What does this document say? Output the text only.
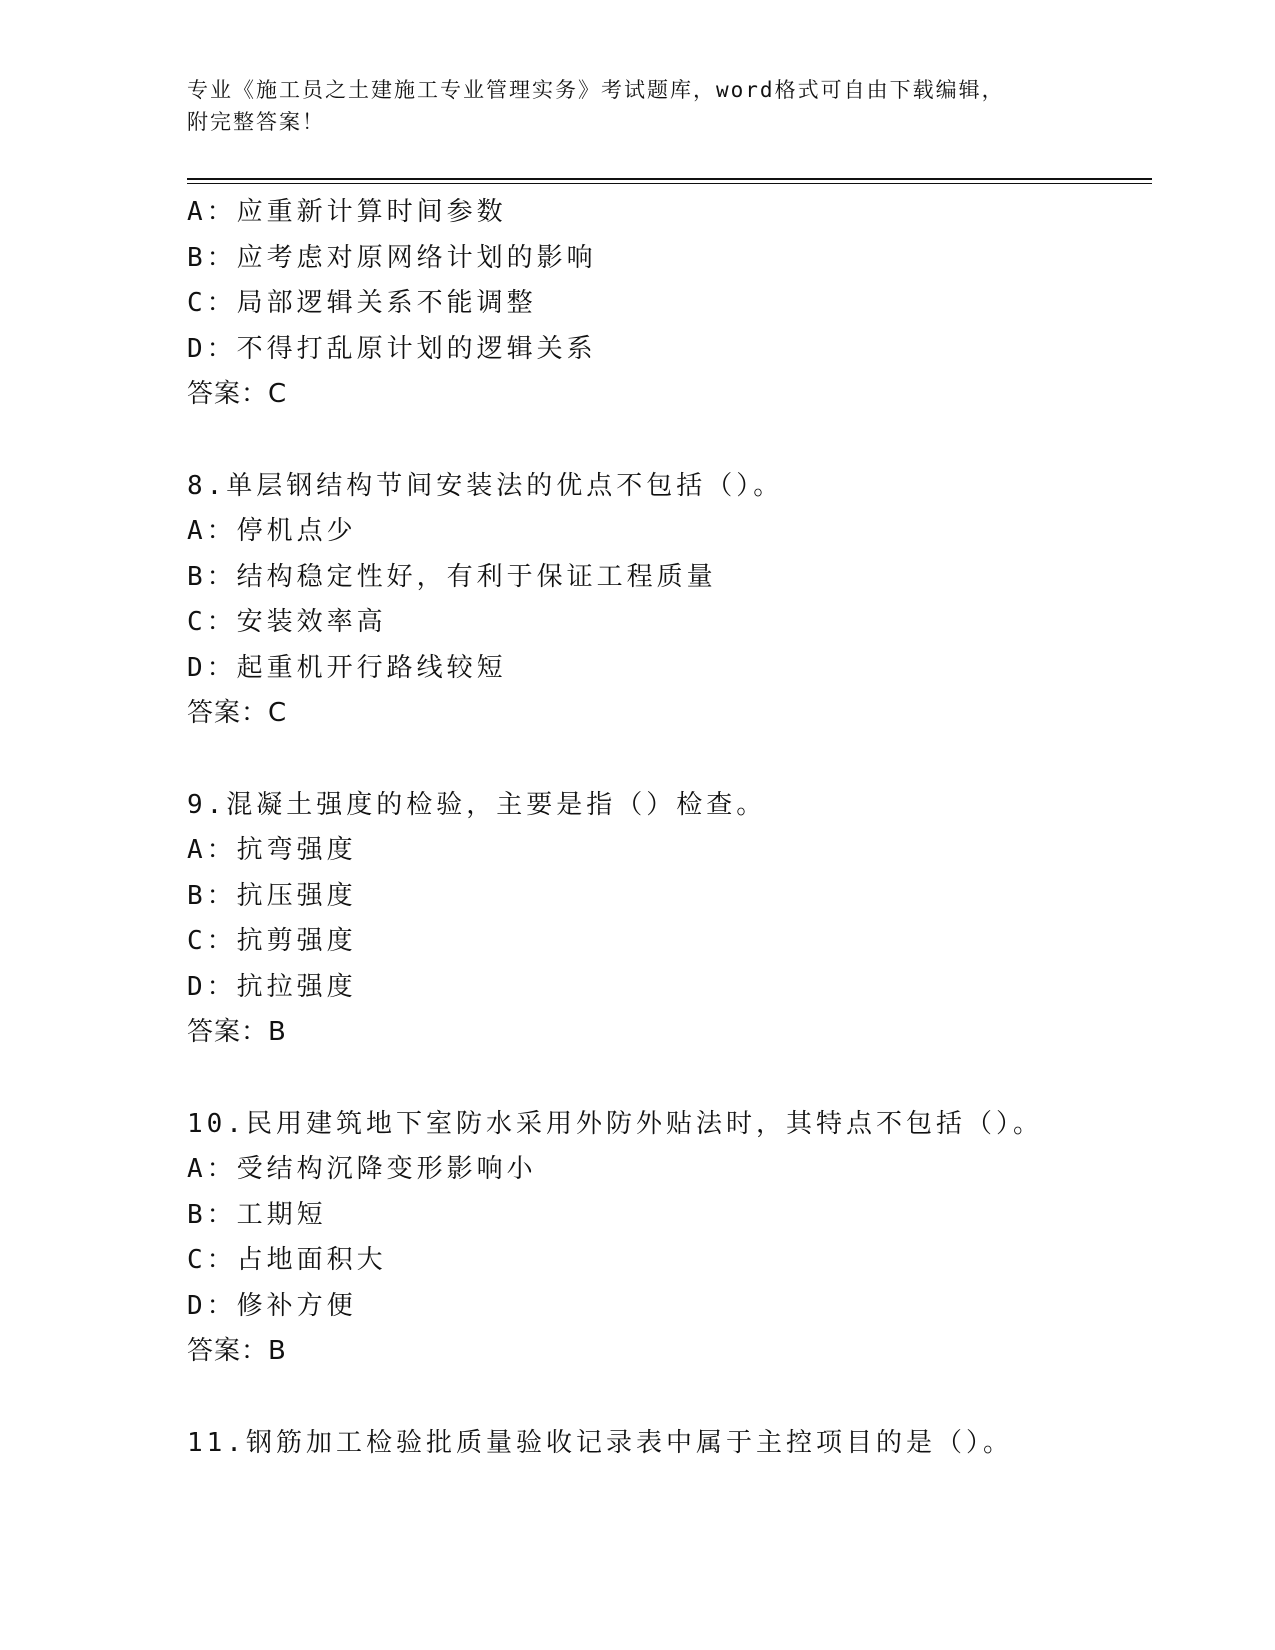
专业《施工员之土建施工专业管理实务》考试题库，word格式可自由下载编辑，
附完整答案！
A：应重新计算时间参数
B：应考虑对原网络计划的影响
C：局部逻辑关系不能调整
D：不得打乱原计划的逻辑关系
答案：C
8.单层钢结构节间安装法的优点不包括（）。
A：停机点少
B：结构稳定性好，有利于保证工程质量
C：安装效率高
D：起重机开行路线较短
答案：C
9.混凝土强度的检验，主要是指（）检查。
A：抗弯强度
B：抗压强度
C：抗剪强度
D：抗拉强度
答案：B
10.民用建筑地下室防水采用外防外贴法时，其特点不包括（）。
A：受结构沉降变形影响小
B：工期短
C：占地面积大
D：修补方便
答案：B
11.钢筋加工检验批质量验收记录表中属于主控项目的是（）。
